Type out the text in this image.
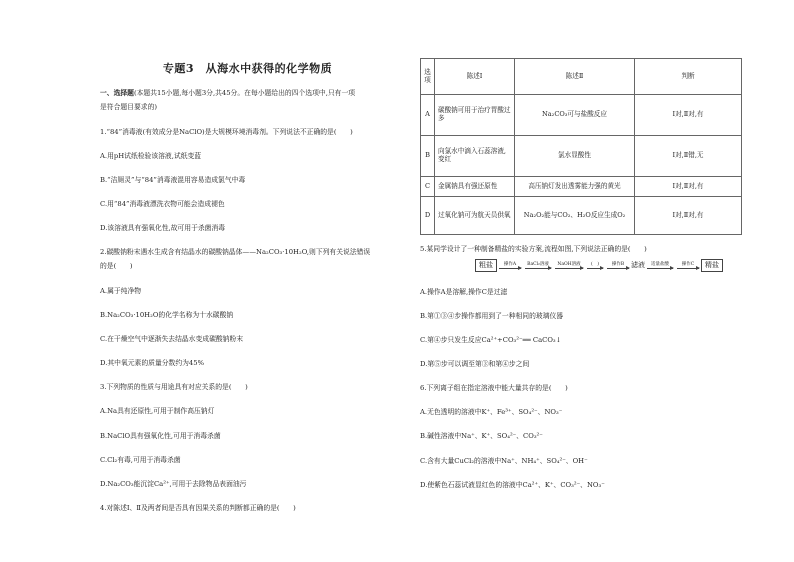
专题3　从海水中获得的化学物质
一、选择题(本题共15小题,每小题3分,共45分。在每小题给出的四个选项中,只有一项
是符合题目要求的)
1.“84”消毒液(有效成分是NaClO)是大规模环境消毒剂。下列说法不正确的是(　　)
A.用pH试纸检验该溶液,试纸变蓝
B.“洁厕灵”与“84”消毒液混用容易造成氯气中毒
C.用“84”消毒液漂洗衣物可能会造成褪色
D.该溶液具有强氧化性,故可用于杀菌消毒
2.碳酸钠粉末遇水生成含有结晶水的碳酸钠晶体——Na₂CO₃·10H₂O,则下列有关说法错误
的是(　　)
A.属于纯净物
B.Na₂CO₃·10H₂O的化学名称为十水碳酸钠
C.在干燥空气中逐渐失去结晶水变成碳酸钠粉末
D.其中氧元素的质量分数约为45%
3.下列物质的性质与用途具有对应关系的是(　　)
A.Na具有还原性,可用于制作高压钠灯
B.NaClO具有强氧化性,可用于消毒杀菌
C.Cl₂有毒,可用于消毒杀菌
D.Na₂CO₃能沉淀Ca²⁺,可用于去除物品表面油污
4.对陈述Ⅰ、Ⅱ及两者间是否具有因果关系的判断都正确的是(　　)
选项	陈述Ⅰ	陈述Ⅱ	判断
A	碳酸钠可用于治疗胃酸过多	Na₂CO₃可与盐酸反应	Ⅰ对,Ⅱ对,有
B	向氯水中滴入石蕊溶液,变红	氯水显酸性	Ⅰ对,Ⅱ错,无
C	金属钠具有强还原性	高压钠灯发出透雾能力强的黄光	Ⅰ对,Ⅱ对,有
D	过氧化钠可为航天员供氧	Na₂O₂能与CO₂、H₂O反应生成O₂	Ⅰ对,Ⅱ对,有
5.某同学设计了一种制备精盐的实验方案,流程如图,下列说法正确的是(　　)
粗盐	操作A BaCl₂溶液 NaOH溶液 (　)	操作B 滤液 适量盐酸	操作C	精盐
A.操作A是溶解,操作C是过滤
B.第①③④步操作都用到了一种相同的玻璃仪器
C.第④步只发生反应Ca²⁺+CO₃²⁻══ CaCO₃↓
D.第⑤步可以调至第③和第④步之间
6.下列离子组在指定溶液中能大量共存的是(　　)
A.无色透明的溶液中K⁺、Fe³⁺、SO₄²⁻、NO₃⁻
B.碱性溶液中Na⁺、K⁺、SO₄²⁻、CO₃²⁻
C.含有大量CuCl₂的溶液中Na⁺、NH₄⁺、SO₄²⁻、OH⁻
D.使紫色石蕊试液显红色的溶液中Ca²⁺、K⁺、CO₃²⁻、NO₃⁻
